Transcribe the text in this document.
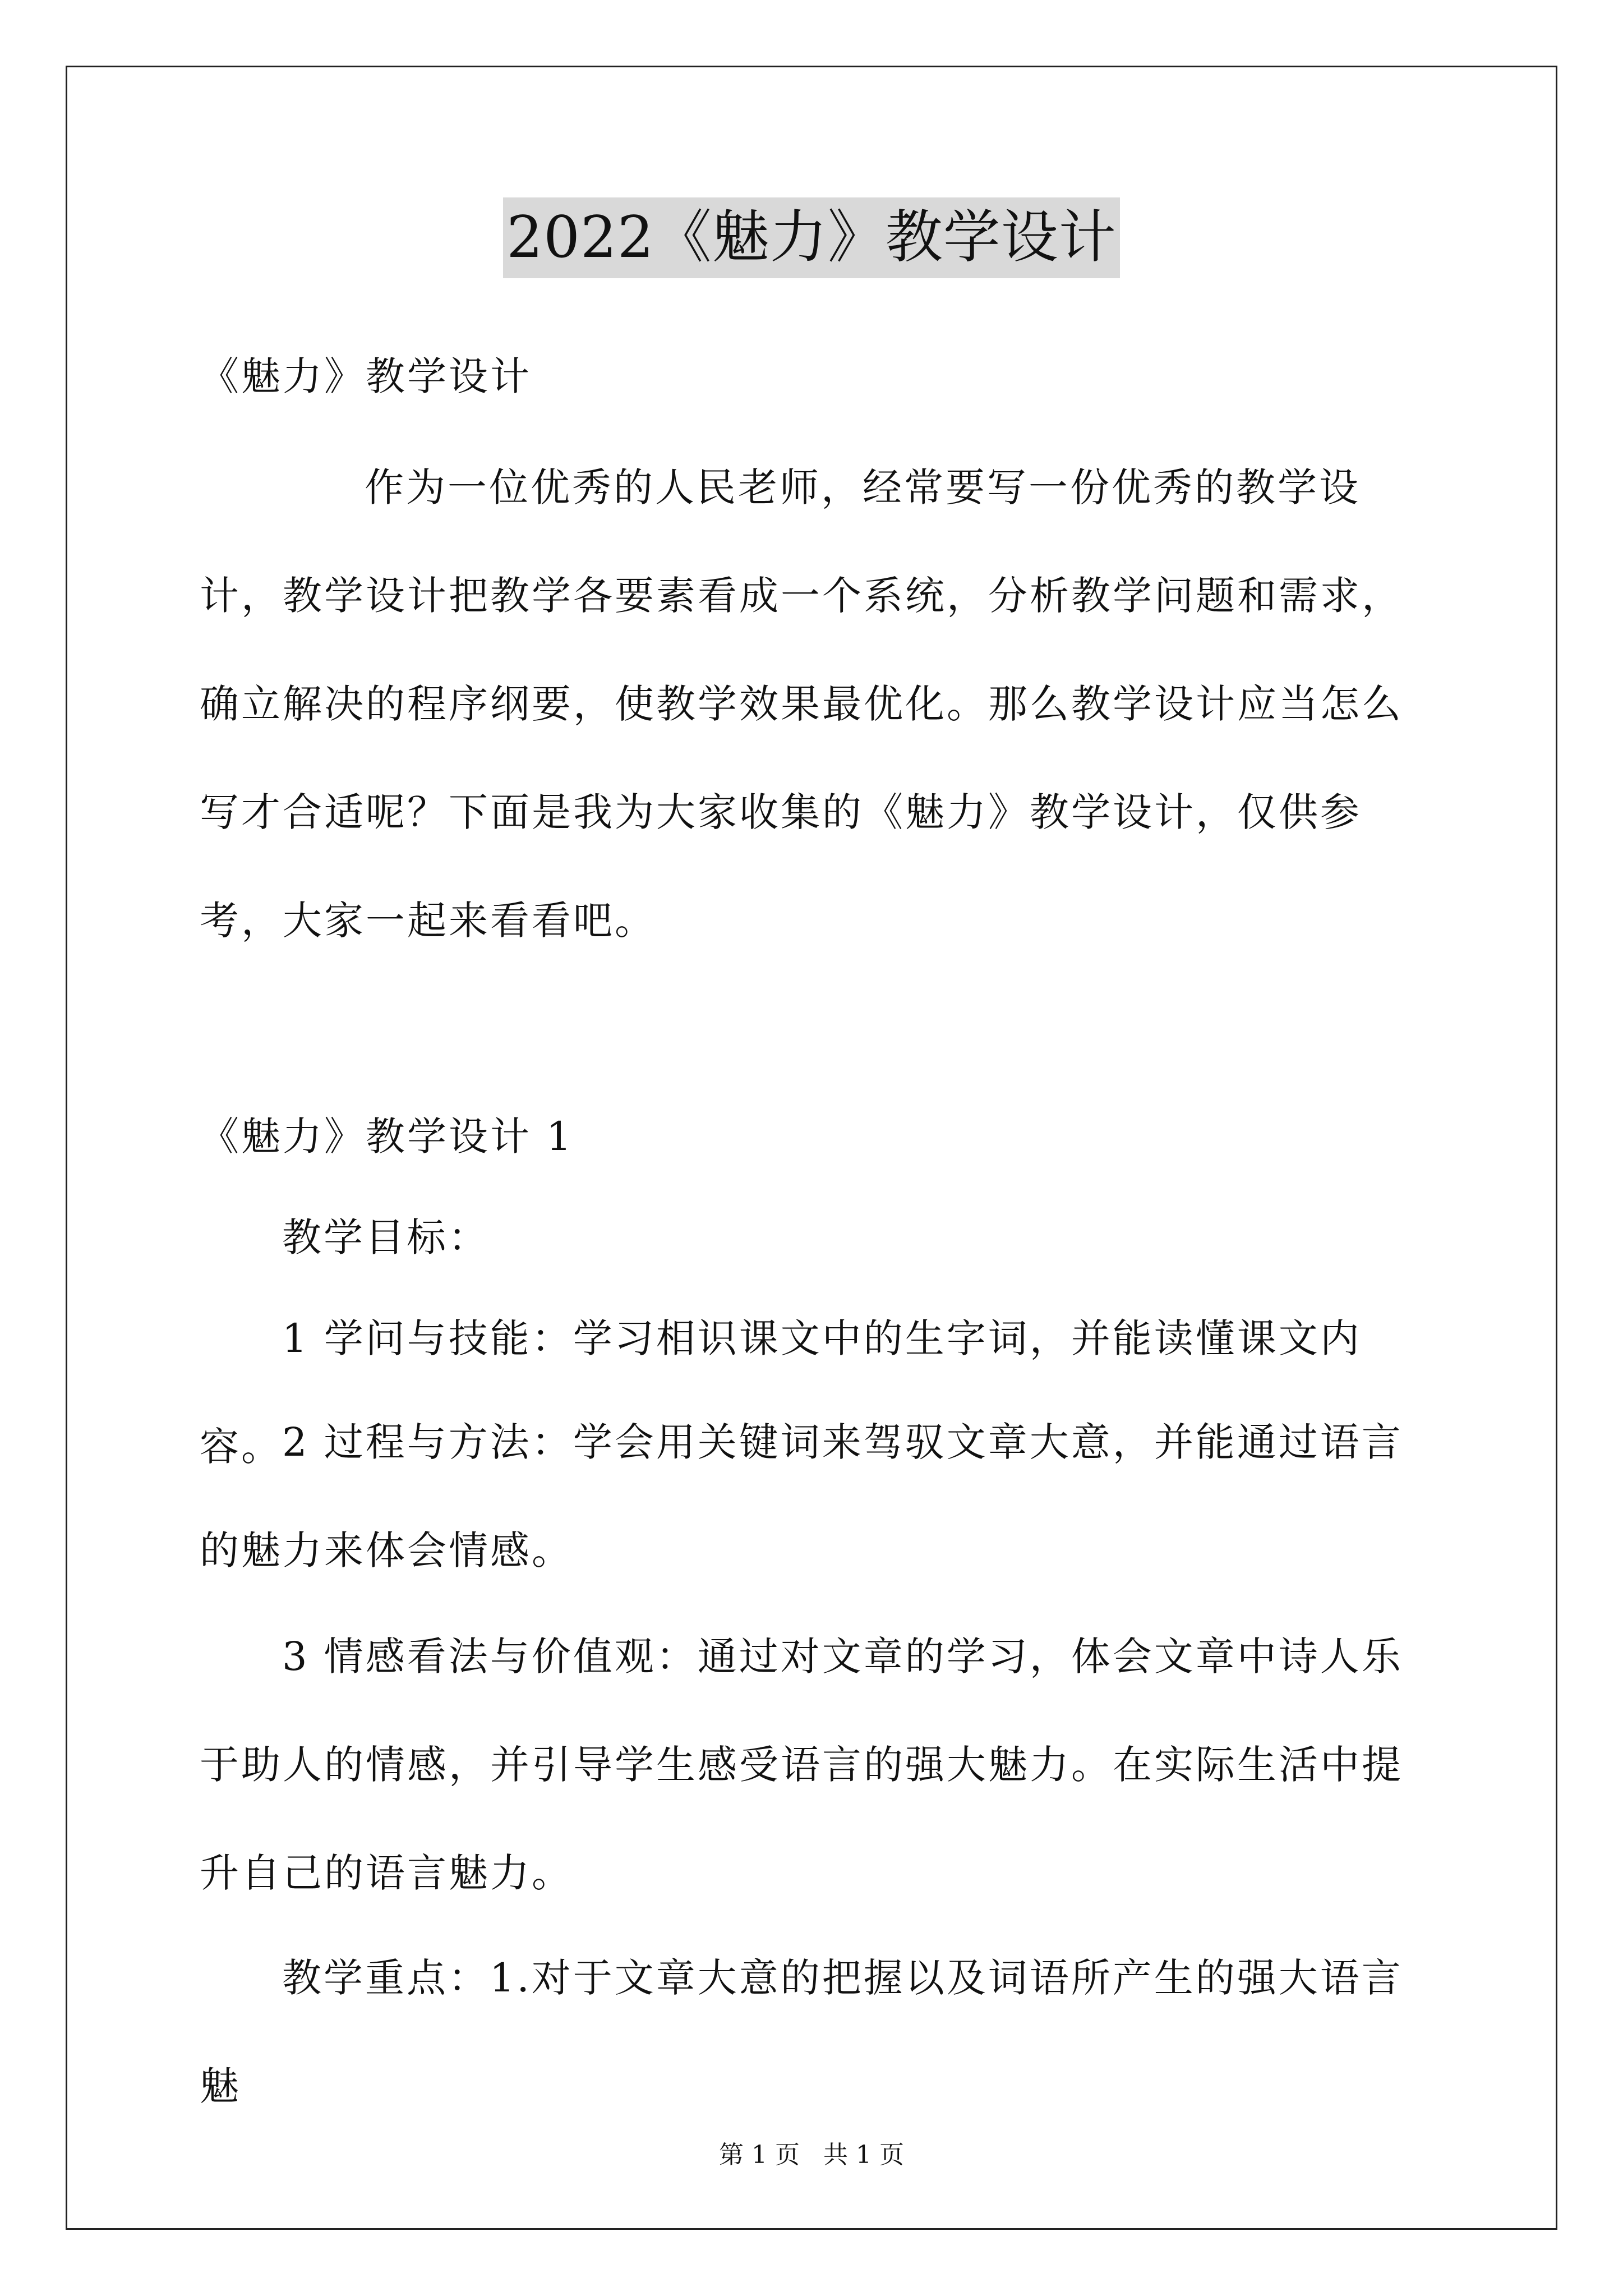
2022《魅力》教学设计

《魅力》教学设计

作为一位优秀的人民老师，经常要写一份优秀的教学设计，教学设计把教学各要素看成一个系统，分析教学问题和需求，确立解决的程序纲要，使教学效果最优化。那么教学设计应当怎么写才合适呢？下面是我为大家收集的《魅力》教学设计，仅供参考，大家一起来看看吧。

《魅力》教学设计 1

教学目标：

1 学问与技能：学习相识课文中的生字词，并能读懂课文内容。 2 过程与方法：学会用关键词来驾驭文章大意，并能通过语言的魅力来体会情感。

3 情感看法与价值观：通过对文章的学习，体会文章中诗人乐于助人的情感，并引导学生感受语言的强大魅力。在实际生活中提升自己的语言魅力。

教学重点：1.对于文章大意的把握以及词语所产生的强大语言魅

第 1 页 共 1 页
